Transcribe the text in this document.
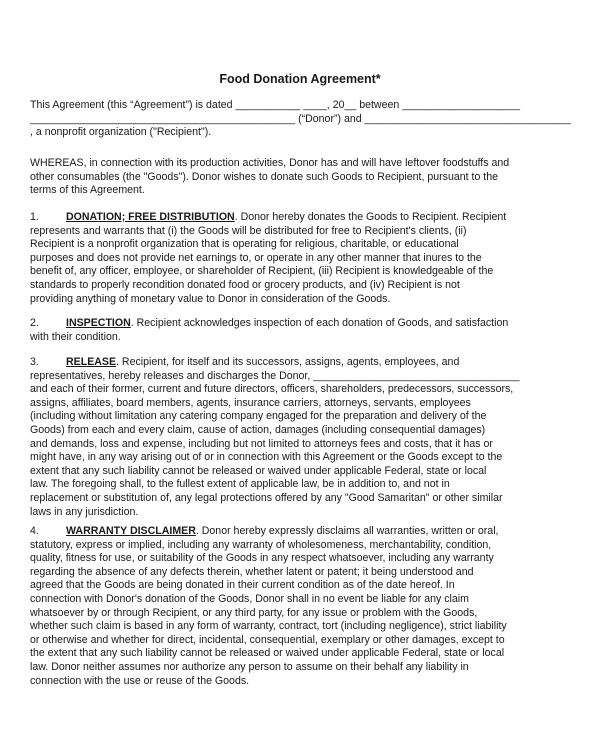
Food Donation Agreement*
This Agreement (this “Agreement”) is dated ___________ ____, 20__ between ____________________
_____________________________________________ (“Donor”) and ___________________________________
, a nonprofit organization ("Recipient").
WHEREAS, in connection with its production activities, Donor has and will have leftover foodstuffs and
other consumables (the "Goods"). Donor wishes to donate such Goods to Recipient, pursuant to the
terms of this Agreement.
1.	DONATION; FREE DISTRIBUTION. Donor hereby donates the Goods to Recipient. Recipient
represents and warrants that (i) the Goods will be distributed for free to Recipient's clients, (ii)
Recipient is a nonprofit organization that is operating for religious, charitable, or educational
purposes and does not provide net earnings to, or operate in any other manner that inures to the
benefit of, any officer, employee, or shareholder of Recipient, (iii) Recipient is knowledgeable of the
standards to properly recondition donated food or grocery products, and (iv) Recipient is not
providing anything of monetary value to Donor in consideration of the Goods.
2.	INSPECTION. Recipient acknowledges inspection of each donation of Goods, and satisfaction
with their condition.
3.	RELEASE. Recipient, for itself and its successors, assigns, agents, employees, and
representatives, hereby releases and discharges the Donor, ___________________________________
and each of their former, current and future directors, officers, shareholders, predecessors, successors,
assigns, affiliates, board members, agents, insurance carriers, attorneys, servants, employees
(including without limitation any catering company engaged for the preparation and delivery of the
Goods) from each and every claim, cause of action, damages (including consequential damages)
and demands, loss and expense, including but not limited to attorneys fees and costs, that it has or
might have, in any way arising out of or in connection with this Agreement or the Goods except to the
extent that any such liability cannot be released or waived under applicable Federal, state or local
law. The foregoing shall, to the fullest extent of applicable law, be in addition to, and not in
replacement or substitution of, any legal protections offered by any "Good Samaritan" or other similar
laws in any jurisdiction.
4.	WARRANTY DISCLAIMER. Donor hereby expressly disclaims all warranties, written or oral,
statutory, express or implied, including any warranty of wholesomeness, merchantability, condition,
quality, fitness for use, or suitability of the Goods in any respect whatsoever, including any warranty
regarding the absence of any defects therein, whether latent or patent; it being understood and
agreed that the Goods are being donated in their current condition as of the date hereof. In
connection with Donor's donation of the Goods, Donor shall in no event be liable for any claim
whatsoever by or through Recipient, or any third party, for any issue or problem with the Goods,
whether such claim is based in any form of warranty, contract, tort (including negligence), strict liability
or otherwise and whether for direct, incidental, consequential, exemplary or other damages, except to
the extent that any such liability cannot be released or waived under applicable Federal, state or local
law. Donor neither assumes nor authorize any person to assume on their behalf any liability in
connection with the use or reuse of the Goods.
